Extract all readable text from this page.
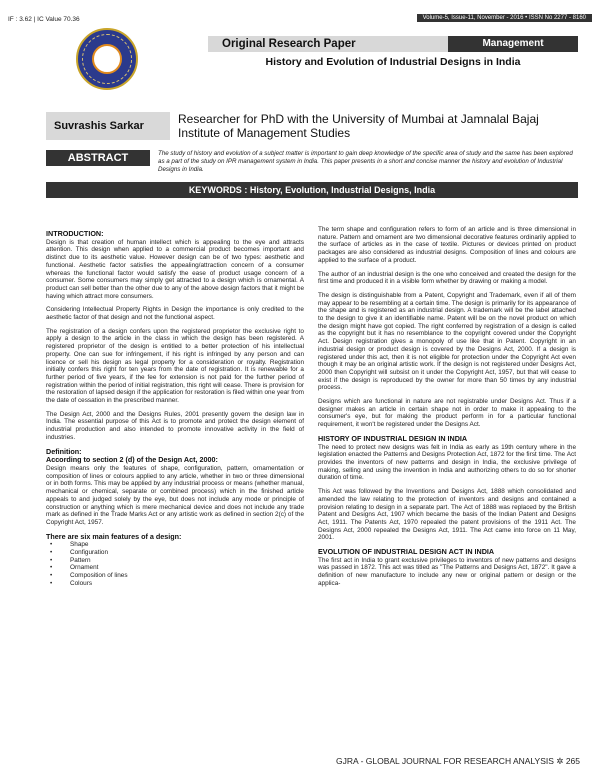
IF : 3.62 | IC Value 70.36	Volume-5, Issue-11, November - 2016 • ISSN No 2277 - 8160
Original Research Paper	Management
History and Evolution of Industrial Designs in India
Suvrashis Sarkar	Researcher for PhD with the University of Mumbai at Jamnalal Bajaj Institute of Management Studies
ABSTRACT	The study of history and evolution of a subject matter is important to gain deep knowledge of the specific area of study and the same has been explored as a part of the study on IPR management system in India. This paper presents in a short and concise manner the history and evolution of Industrial Designs in India.
KEYWORDS : History, Evolution, Industrial Designs, India
INTRODUCTION:

Design is that creation of human intellect which is appealing to the eye and attracts attention. This design when applied to a commercial product becomes important and distinct due to its aesthetic value. However design can be of two types: aesthetic and functional. Aesthetic factor satisfies the appealing/attraction concern of a consumer whereas the functional factor would satisfy the ease of product usage concern of a consumer. Some consumers may simply get attracted to a design which is ornamental. A product can sell better than the other due to any of the above design factors that it might be having which attract more consumers.

Considering Intellectual Property Rights in Design the importance is only credited to the aesthetic factor of that design and not the functional aspect.

The registration of a design confers upon the registered proprietor the exclusive right to apply a design to the article in the class in which the design has been registered. A registered proprietor of the design is entitled to a better protection of his intellectual property. One can sue for infringement, if his right is infringed by any person and can licence or sell his design as legal property for a consideration or royalty. Registration initially confers this right for ten years from the date of registration. It is renewable for a further period of five years, if the fee for extension is not paid for the further period of registration within the period of initial registration, this right will cease. There is provision for the restoration of lapsed design if the application for restoration is filed within one year from the date of cessation in the prescribed manner.

The Design Act, 2000 and the Designs Rules, 2001 presently govern the design law in India. The essential purpose of this Act is to promote and protect the design element of industrial production and also intended to promote innovative activity in the field of industries.

Definition:
According to section 2 (d) of the Design Act, 2000:

Design means only the features of shape, configuration, pattern, ornamentation or composition of lines or colours applied to any article, whether in two or three dimensional or in both forms. This may be applied by any industrial process or means (whether manual, mechanical or chemical, separate or combined process) which in the finished article appeals to and judged solely by the eye, but does not include any mode or principle of construction or anything which is mere mechanical device and does not include any trade mark as defined in the Trade Marks Act or any artistic work as defined in section 2(c) of the Copyright Act, 1957.

There are six main features of a design:
• Shape
• Configuration
• Pattern
• Ornament
• Composition of lines
• Colours

The term shape and configuration refers to form of an article and is three dimensional in nature. Pattern and ornament are two dimensional decorative features ordinarily applied to the surface of articles as in the case of textile. Pictures or devices printed on product packages are also considered as industrial designs. Composition of lines and colours are applied to the surface of a product.

The author of an industrial design is the one who conceived and created the design for the first time and produced it in a visible form whether by drawing or making a model.

The design is distinguishable from a Patent, Copyright and Trademark, even if all of them may appear to be resembling at a certain time. The design is primarily for its appearance of the shape and is registered as an industrial design. A trademark will be the label attached to the design to give it an identifiable name. Patent will be on the novel product on which the design might have got copied. The right conferred by registration of a design is called as the copyright but it has no resemblance to the copyright covered under the Copyright Act. Design registration gives a monopoly of use like that in Patent. Copyright in an industrial design or product design is covered by the Designs Act, 2000. If a design is registered under this act, then it is not eligible for protection under the Copyright Act even though it may be an original artistic work. If the design is not registered under Designs Act, 2000 then Copyright will subsist on it under the Copyright Act, 1957, but that will cease to exist if the design is reproduced by the owner for more than 50 times by any industrial process.

Designs which are functional in nature are not registrable under Designs Act. Thus if a designer makes an article in certain shape not in order to make it appealing to the consumer's eye, but for making the product perform in for a particular functional requirement, it won't be registered under the Designs Act.

HISTORY OF INDUSTRIAL DESIGN IN INDIA

The need to protect new designs was felt in India as early as 19th century where in the legislation enacted the Patterns and Designs Protection Act, 1872 for the first time. The Act provides the inventors of new patterns and design in India, the exclusive privilege of making, selling and using the invention in India and authorizing others to do so for shorter duration of time.

This Act was followed by the Inventions and Designs Act, 1888 which consolidated and amended the law relating to the protection of inventors and designs and contained a provision relating to design in a separate part. The Act of 1888 was replaced by the British Patent and Designs Act, 1907 which became the basis of the Indian Patent and Designs Act, 1911. The Patents Act, 1970 repealed the patent provisions of the 1911 Act. The Designs Act, 2000 repealed the Designs Act, 1911. The Act came into force on 11 May, 2001.

EVOLUTION OF INDUSTRIAL DESIGN ACT IN INDIA

The first act in India to grant exclusive privileges to inventors of new patterns and designs was passed in 1872. This act was titled as "The Patterns and Designs Act, 1872". It gave a definition of new manufacture to include any new or original pattern or design or the applica-

GJRA - GLOBAL JOURNAL FOR RESEARCH ANALYSIS ✲ 265
